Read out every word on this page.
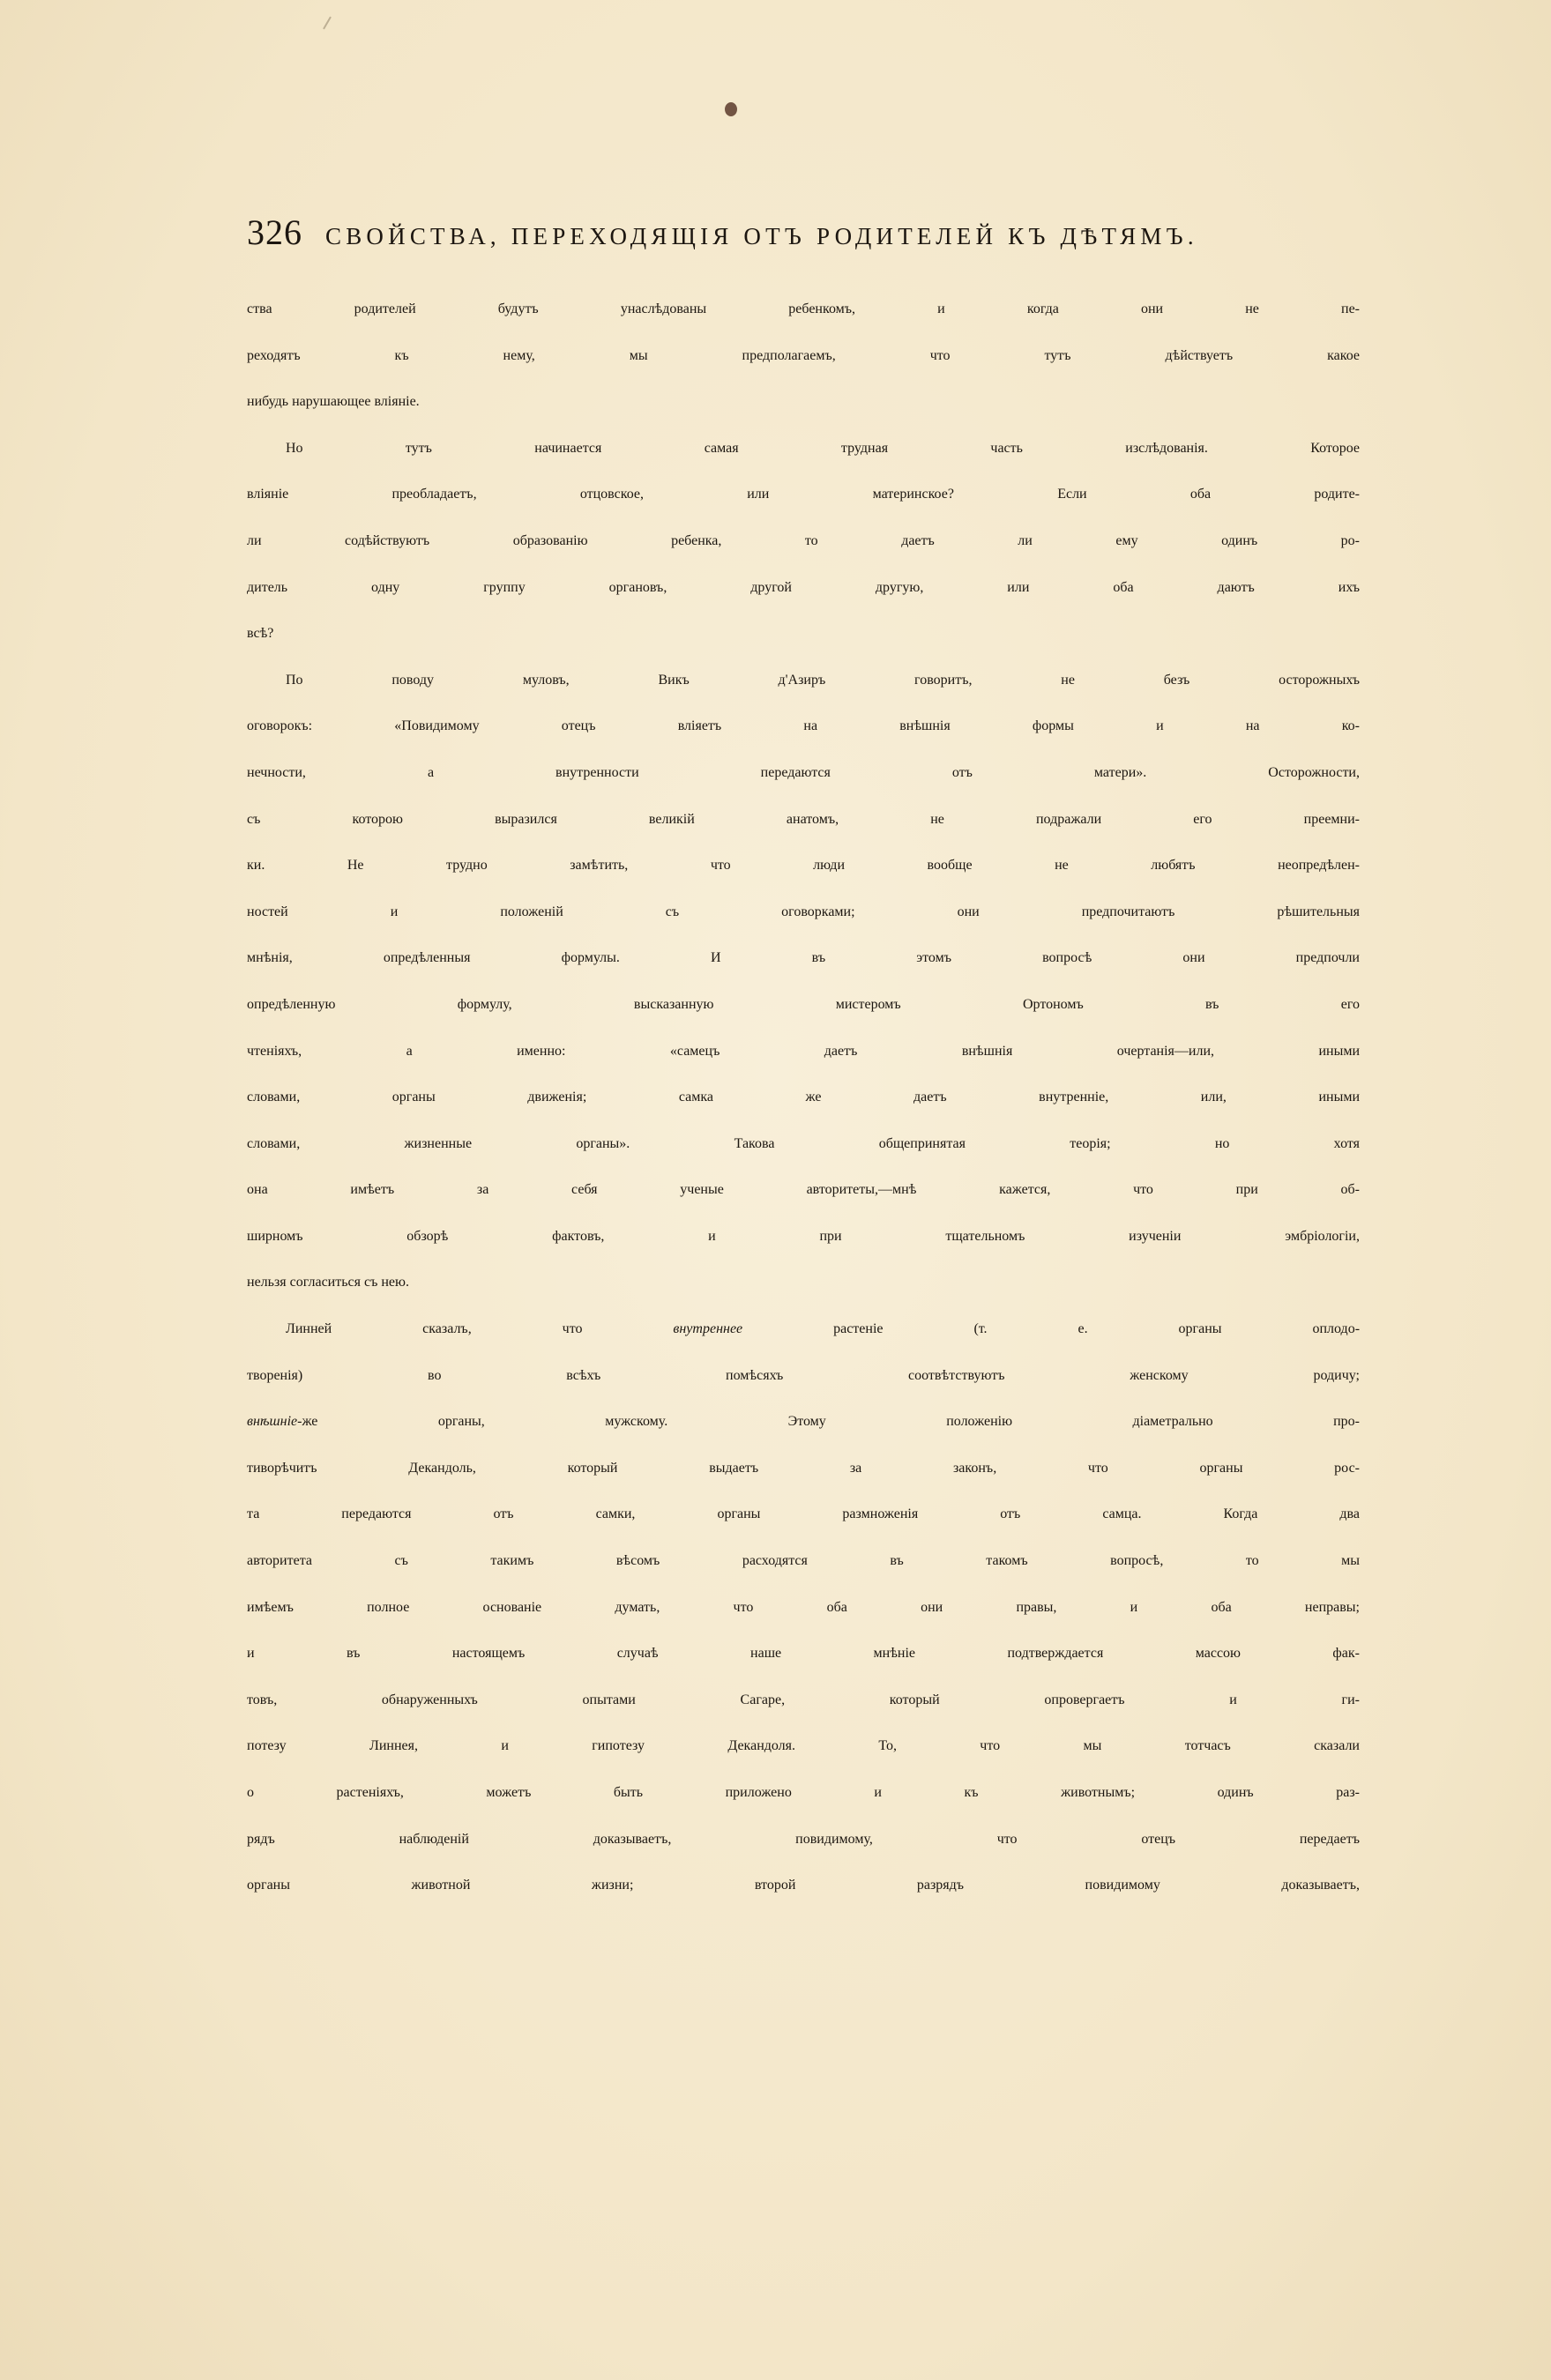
326 СВОЙСТВА, ПЕРЕХОДЯЩІЯ ОТЪ РОДИТЕЛЕЙ КЪ ДѢТЯМЪ.
ства родителей будутъ унаслѣдованы ребенкомъ, и когда они не пе-
реходятъ къ нему, мы предполагаемъ, что тутъ дѣйствуетъ какое
нибудь нарушающее вліяніе.
Но тутъ начинается самая трудная часть изслѣдованія. Которое
вліяніе преобладаетъ, отцовское, или материнское? Если оба родите-
ли содѣйствуютъ образованію ребенка, то даетъ ли ему одинъ ро-
дитель одну группу органовъ, другой другую, или оба даютъ ихъ
всѣ?
По поводу муловъ, Викъ д'Азиръ говоритъ, не безъ осторожныхъ
оговорокъ: «Повидимому отецъ вліяетъ на внѣшнія формы и на ко-
нечности, а внутренности передаются отъ матери». Осторожности,
съ которою выразился великій анатомъ, не подражали его преемни-
ки. Не трудно замѣтить, что люди вообще не любятъ неопредѣлен-
ностей и положеній съ оговорками; они предпочитаютъ рѣшительныя
мнѣнія, опредѣленныя формулы. И въ этомъ вопросѣ они предпочли
опредѣленную формулу, высказанную мистеромъ Ортономъ въ его
чтеніяхъ, а именно: «самецъ даетъ внѣшнія очертанія—или, иными
словами, органы движенія; самка же даетъ внутренніе, или, иными
словами, жизненные органы». Такова общепринятая теорія; но хотя
она имѣетъ за себя ученые авторитеты,—мнѣ кажется, что при об-
ширномъ обзорѣ фактовъ, и при тщательномъ изученіи эмбріологіи,
нельзя согласиться съ нею.
Линней сказалъ, что	внутреннее	растеніе (т. е. органы оплодо-
творенія) во всѣхъ помѣсяхъ соотвѣтствуютъ женскому родичу;
внѣшніе-же органы, мужскому. Этому положенію діаметрально про-
тиворѣчитъ Декандоль, который выдаетъ за законъ, что органы рос-
та передаются отъ самки, органы размноженія отъ самца. Когда два
авторитета съ такимъ вѣсомъ расходятся въ такомъ вопросѣ, то мы
имѣемъ полное основаніе думать, что оба они правы, и оба неправы;
и въ настоящемъ случаѣ наше мнѣніе подтверждается массою фак-
товъ, обнаруженныхъ опытами Сагаре, который опровергаетъ и ги-
потезу Линнея, и гипотезу Декандоля. То, что мы тотчасъ сказали
о растеніяхъ, можетъ быть приложено и къ животнымъ; одинъ раз-
рядъ наблюденій доказываетъ, повидимому, что отецъ передаетъ
органы животной жизни; второй разрядъ повидимому доказываетъ,
